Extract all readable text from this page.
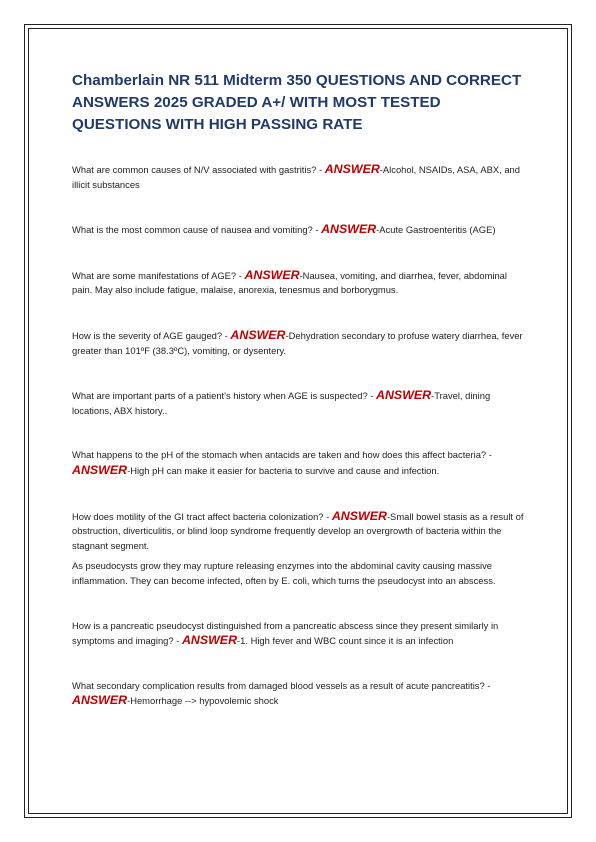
Chamberlain NR 511 Midterm 350 QUESTIONS AND CORRECT ANSWERS 2025 GRADED A+/ WITH MOST TESTED QUESTIONS WITH HIGH PASSING RATE

What are common causes of N/V associated with gastritis? - ANSWER-Alcohol, NSAIDs, ASA, ABX, and illicit substances

What is the most common cause of nausea and vomiting? - ANSWER-Acute Gastroenteritis (AGE)

What are some manifestations of AGE? - ANSWER-Nausea, vomiting, and diarrhea, fever, abdominal pain. May also include fatigue, malaise, anorexia, tenesmus and borborygmus.

How is the severity of AGE gauged? - ANSWER-Dehydration secondary to profuse watery diarrhea, fever greater than 101ºF (38.3ºC), vomiting, or dysentery.

What are important parts of a patient's history when AGE is suspected? - ANSWER-Travel, dining locations, ABX history..

What happens to the pH of the stomach when antacids are taken and how does this affect bacteria? - ANSWER-High pH can make it easier for bacteria to survive and cause and infection.

How does motility of the GI tract affect bacteria colonization? - ANSWER-Small bowel stasis as a result of obstruction, diverticulitis, or blind loop syndrome frequently develop an overgrowth of bacteria within the stagnant segment.

As pseudocysts grow they may rupture releasing enzymes into the abdominal cavity causing massive inflammation. They can become infected, often by E. coli, which turns the pseudocyst into an abscess.

How is a pancreatic pseudocyst distinguished from a pancreatic abscess since they present similarly in symptoms and imaging? - ANSWER-1. High fever and WBC count since it is an infection

What secondary complication results from damaged blood vessels as a result of acute pancreatitis? - ANSWER-Hemorrhage --> hypovolemic shock
